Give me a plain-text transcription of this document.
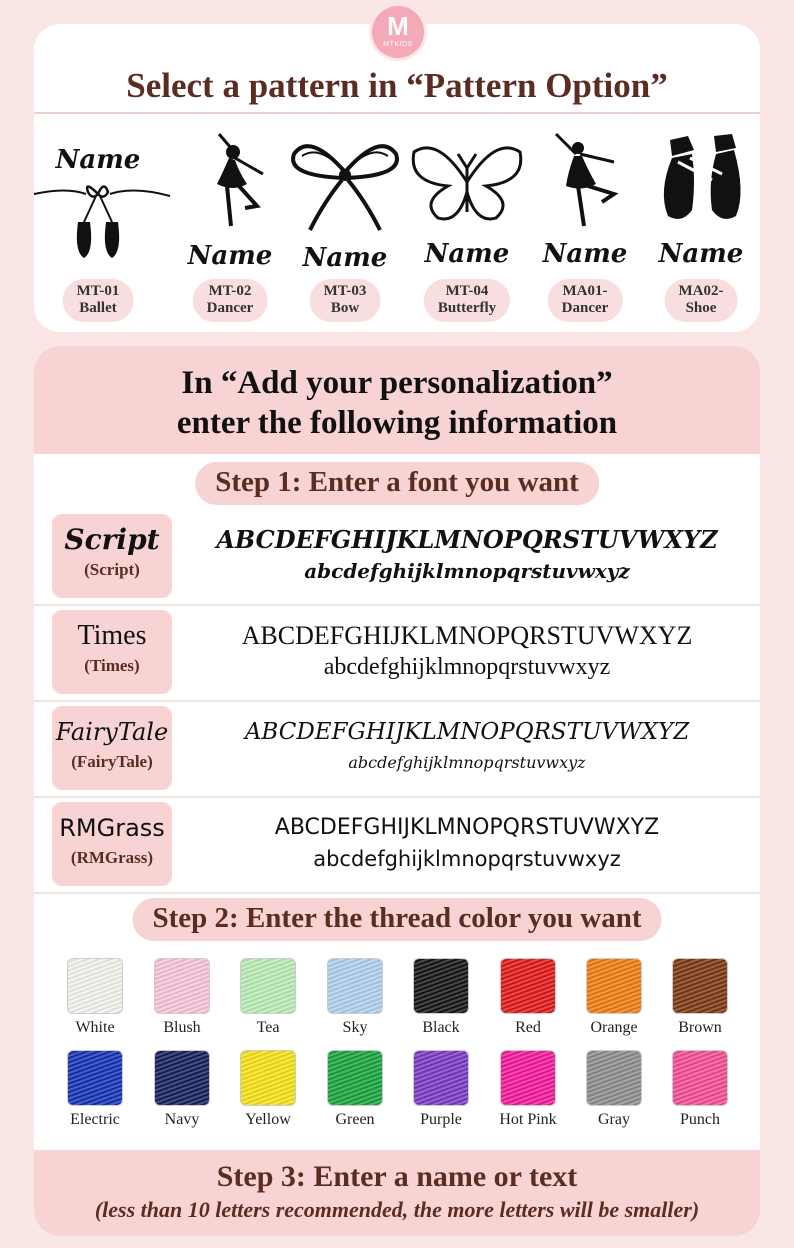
M
MTKIDS
Select a pattern in “Pattern Option”
Name
MT-01
Ballet
Name
MT-02
Dancer
Name
MT-03
Bow
Name
MT-04
Butterfly
Name
MA01-
Dancer
Name
MA02-
Shoe
In “Add your personalization”
enter the following information
Step 1: Enter a font you want
Script
(Script)
ABCDEFGHIJKLMNOPQRSTUVWXYZ
abcdefghijklmnopqrstuvwxyz
Times
(Times)
ABCDEFGHIJKLMNOPQRSTUVWXYZ
abcdefghijklmnopqrstuvwxyz
FairyTale
(FairyTale)
ABCDEFGHIJKLMNOPQRSTUVWXYZ
abcdefghijklmnopqrstuvwxyz
RMGrass
(RMGrass)
ABCDEFGHIJKLMNOPQRSTUVWXYZ
abcdefghijklmnopqrstuvwxyz
Step 2: Enter the thread color you want
White	Blush	Tea	Sky	Black	Red	Orange	Brown
Electric	Navy	Yellow	Green	Purple	Hot Pink	Gray	Punch
Step 3: Enter a name or text
(less than 10 letters recommended, the more letters will be smaller)
